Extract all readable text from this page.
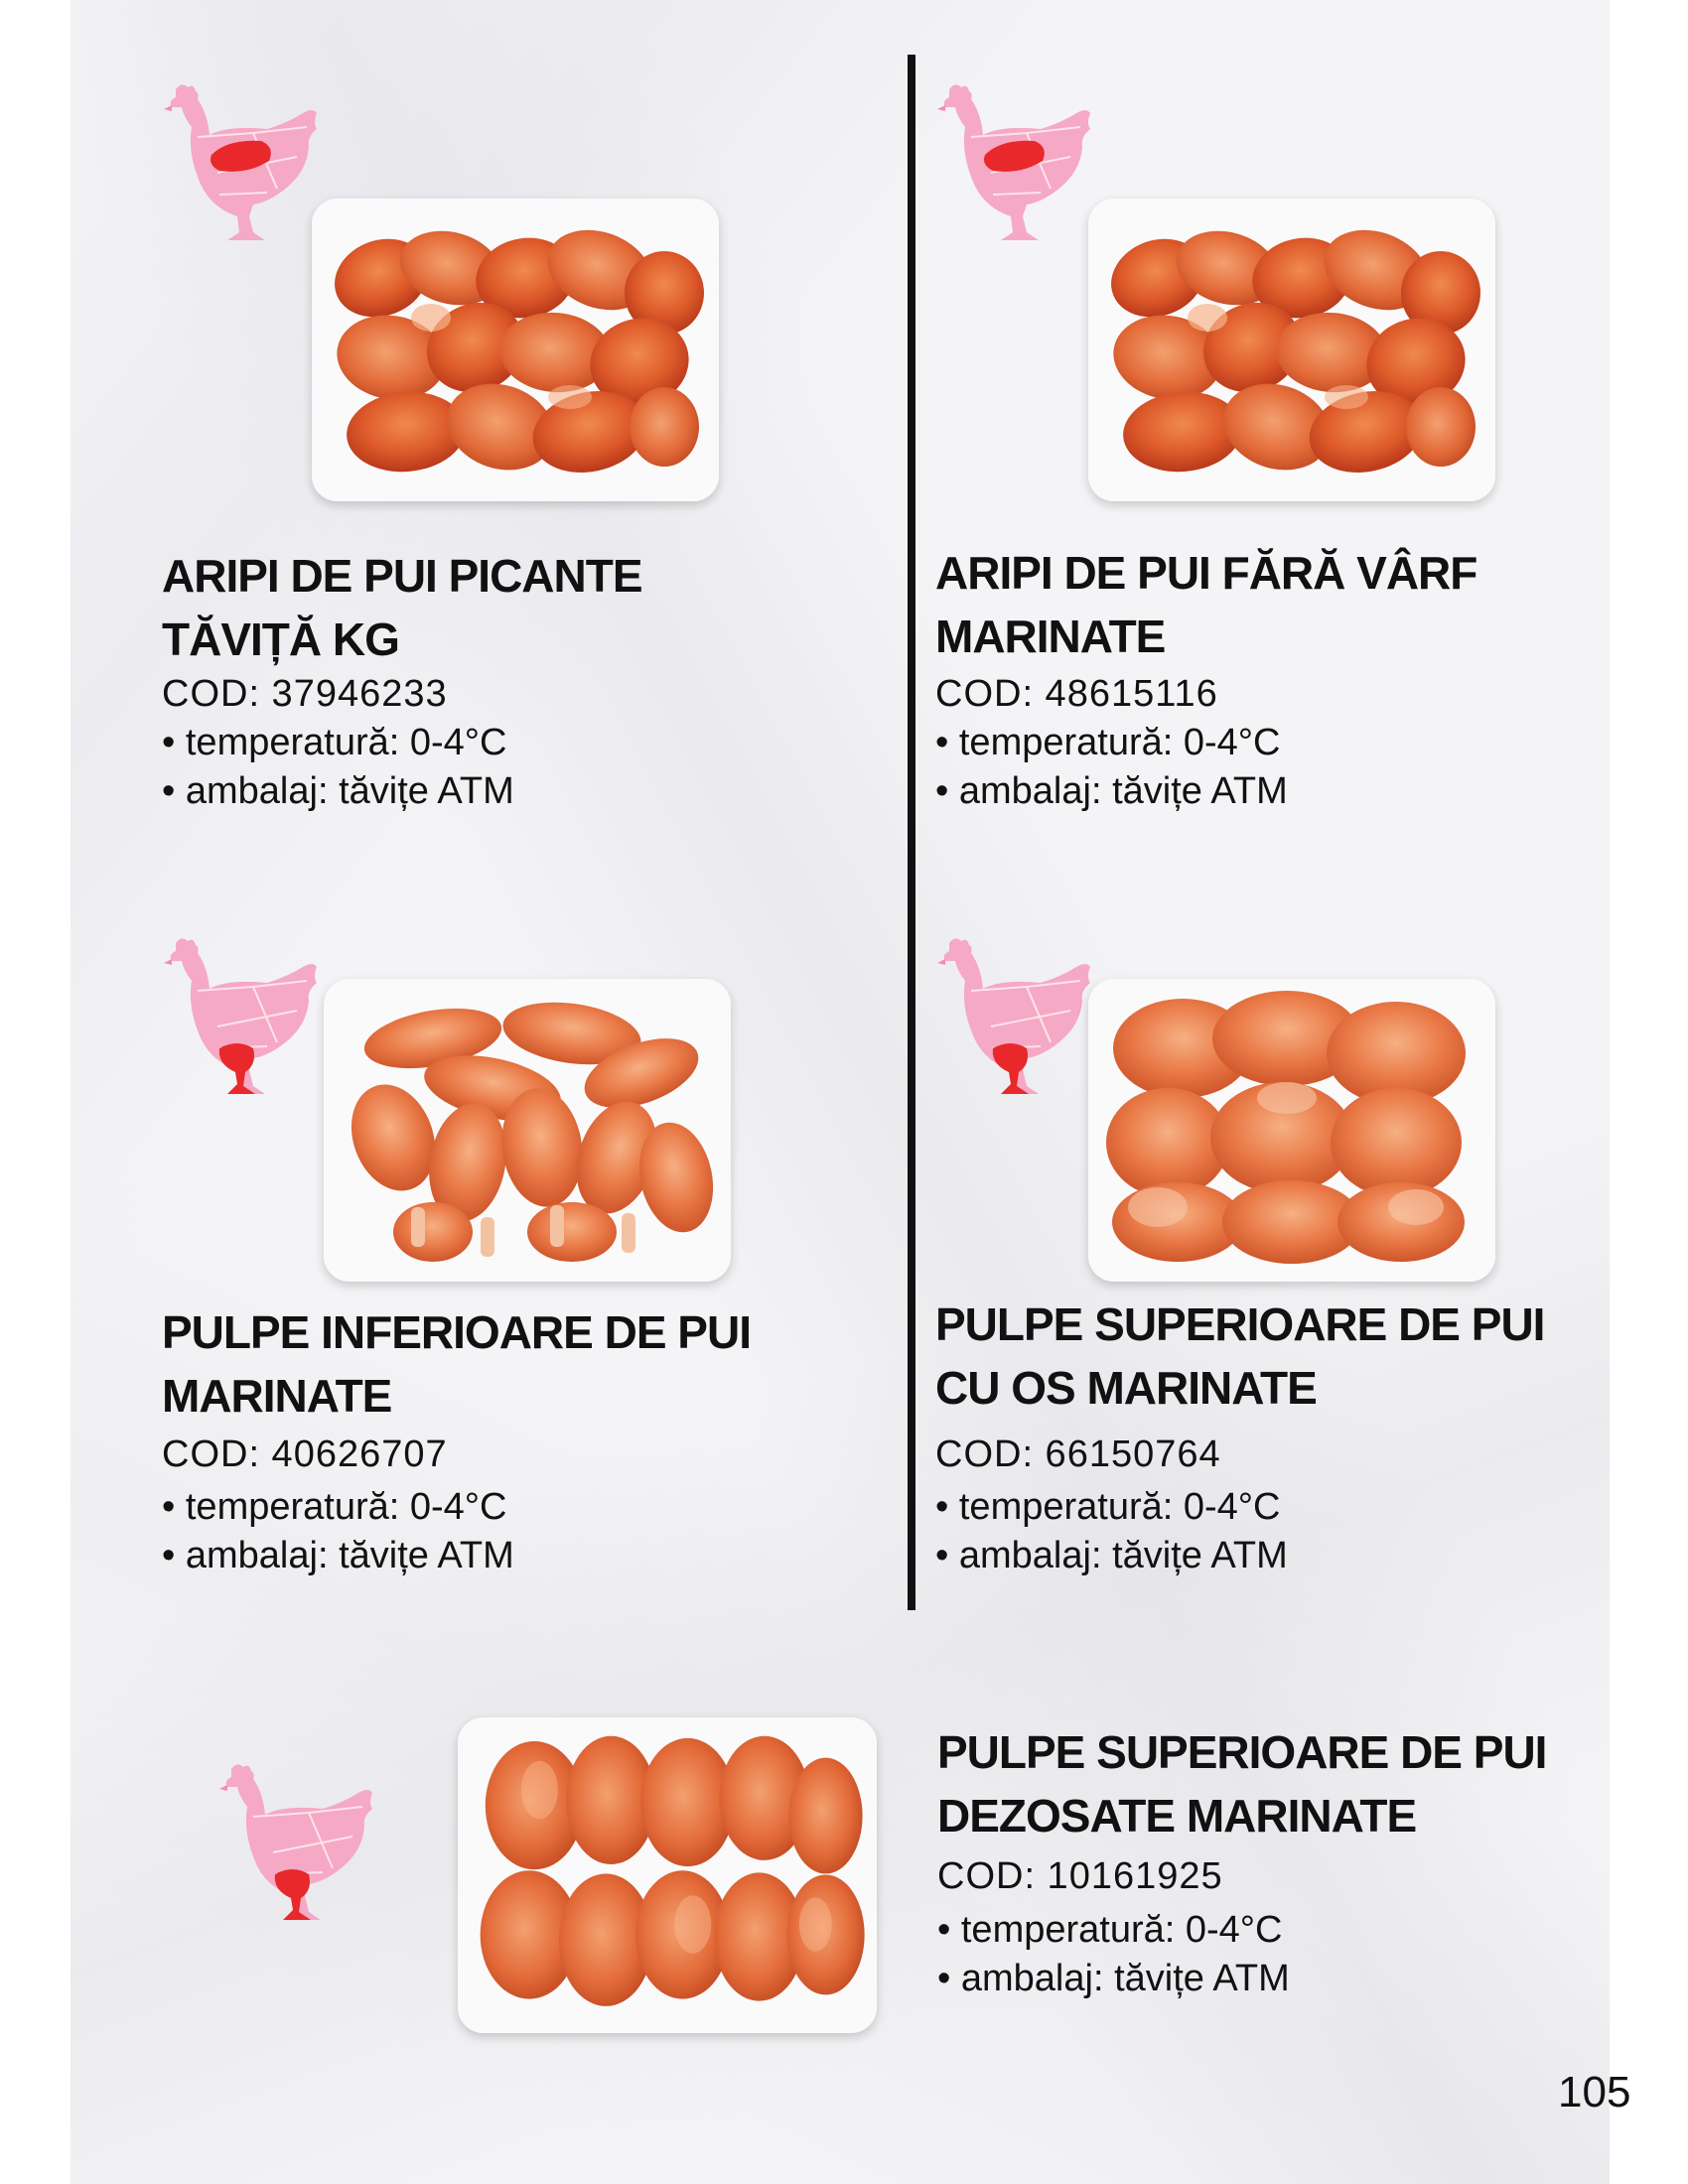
ARIPI DE PUI PICANTE
TĂVIȚĂ KG

COD: 37946233

• temperatură: 0-4°C
• ambalaj: tăvițe ATM
ARIPI DE PUI FĂRĂ VÂRF
MARINATE

COD: 48615116

• temperatură: 0-4°C
• ambalaj: tăvițe ATM
PULPE INFERIOARE DE PUI
MARINATE

COD: 40626707

• temperatură: 0-4°C
• ambalaj: tăvițe ATM
PULPE SUPERIOARE DE PUI
CU OS MARINATE

COD: 66150764

• temperatură: 0-4°C
• ambalaj: tăvițe ATM
PULPE SUPERIOARE DE PUI
DEZOSATE MARINATE

COD: 10161925

• temperatură: 0-4°C
• ambalaj: tăvițe ATM
105
